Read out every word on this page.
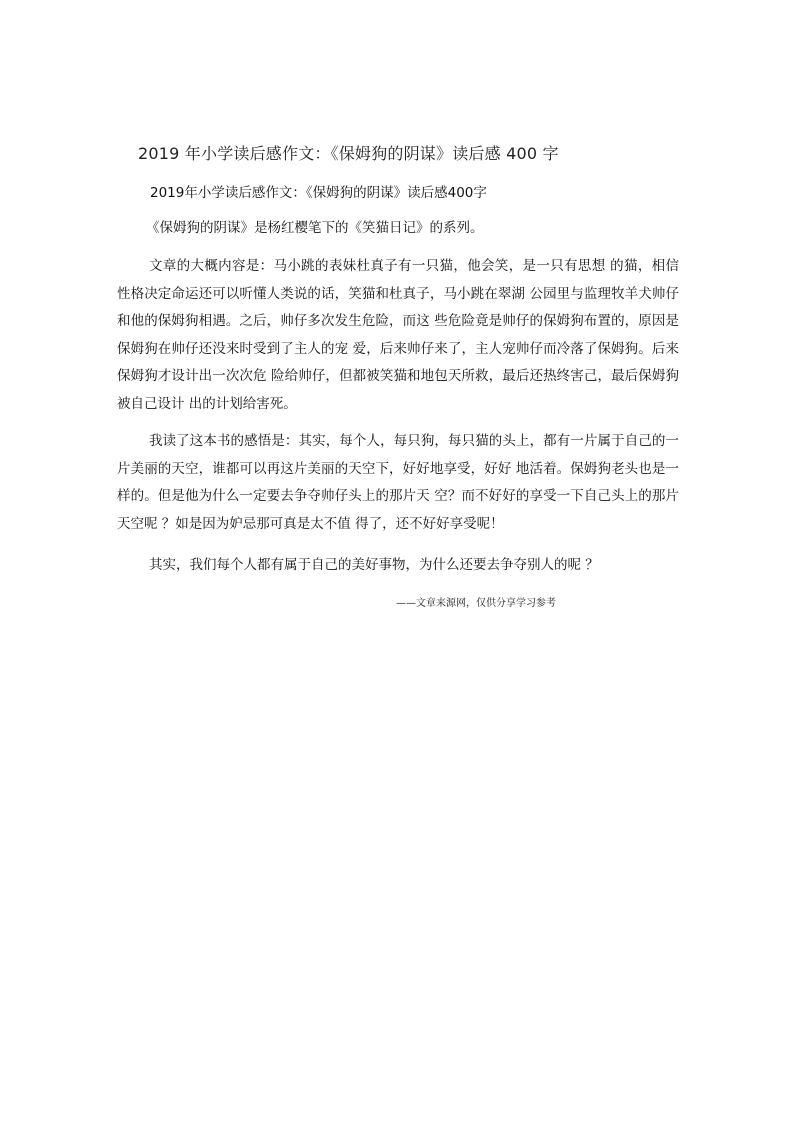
2019 年小学读后感作文：《保姆狗的阴谋》读后感 400 字
2019年小学读后感作文：《保姆狗的阴谋》读后感400字
《保姆狗的阴谋》是杨红樱笔下的《笑猫日记》的系列。

文章的大概内容是：马小跳的表妹杜真子有一只猫，他会笑，是一只有思想 的猫，相信性格决定命运还可以听懂人类说的话，笑猫和杜真子，马小跳在翠湖 公园里与监理牧羊犬帅仔和他的保姆狗相遇。之后，帅仔多次发生危险，而这 些危险竟是帅仔的保姆狗布置的，原因是保姆狗在帅仔还没来时受到了主人的宠 爱，后来帅仔来了，主人宠帅仔而冷落了保姆狗。后来保姆狗才设计出一次次危 险给帅仔，但都被笑猫和地包天所救，最后还热终害己，最后保姆狗被自己设计 出的计划给害死。

我读了这本书的感悟是：其实，每个人，每只狗，每只猫的头上，都有一片属于自己的一片美丽的天空，谁都可以再这片美丽的天空下，好好地享受，好好 地活着。保姆狗老头也是一样的。但是他为什么一定要去争夺帅仔头上的那片天 空？而不好好的享受一下自己头上的那片天空呢 ？如是因为妒忌那可真是太不值 得了，还不好好享受呢！

其实，我们每个人都有属于自己的美好事物，为什么还要去争夺别人的呢 ？

——文章来源网，仅供分享学习参考
